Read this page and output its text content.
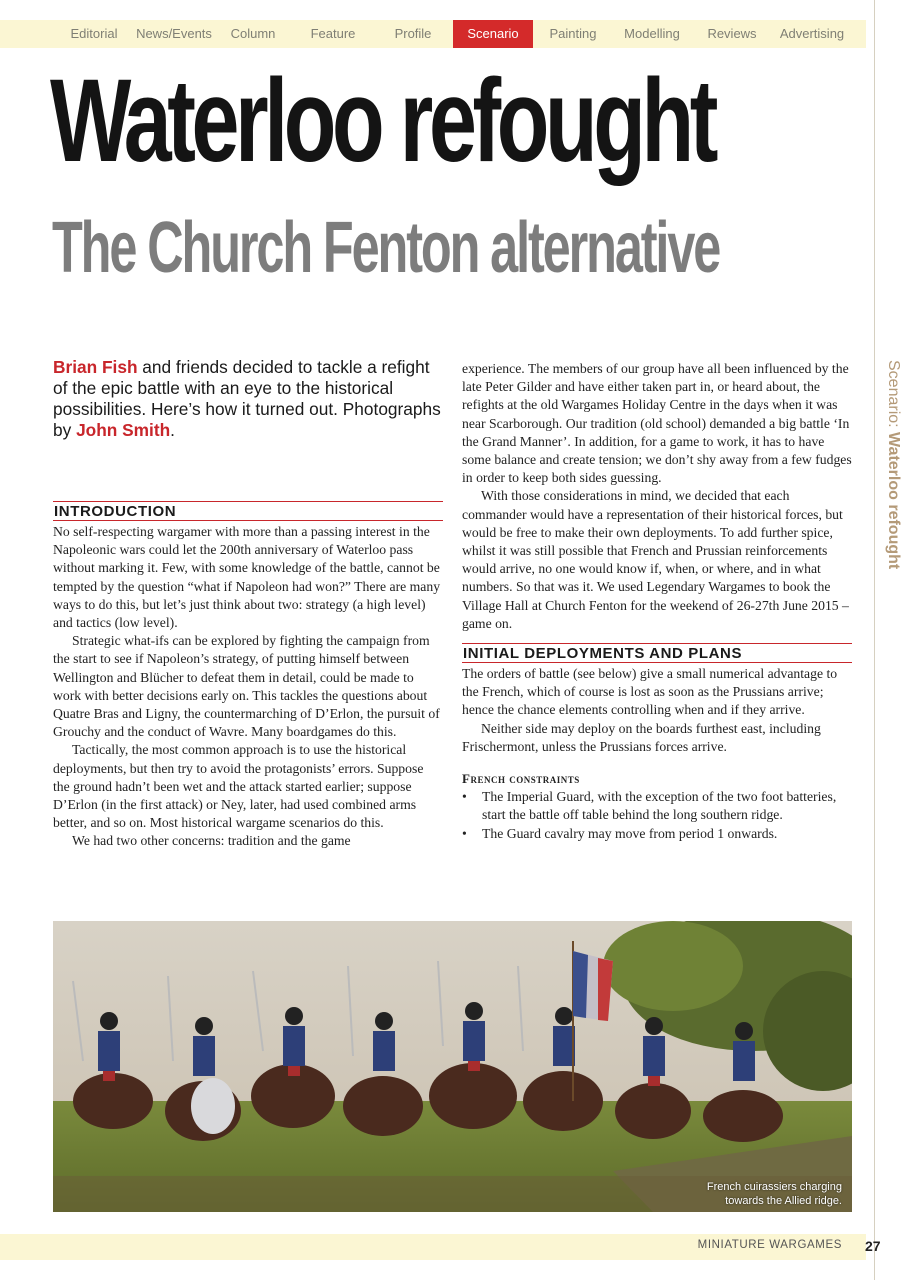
Editorial	News/Events	Column	Feature	Profile	Scenario	Painting	Modelling	Reviews	Advertising
Scenario: Waterloo refought
Waterloo refought
The Church Fenton alternative
Brian Fish and friends decided to tackle a refight of the epic battle with an eye to the historical possibilities. Here’s how it turned out. Photographs by John Smith.
INTRODUCTION

No self-respecting wargamer with more than a passing interest in the Napoleonic wars could let the 200th anniversary of Waterloo pass without marking it. Few, with some knowledge of the battle, cannot be tempted by the question “what if Napoleon had won?” There are many ways to do this, but let’s just think about two: strategy (a high level) and tactics (low level).

Strategic what-ifs can be explored by fighting the campaign from the start to see if Napoleon’s strategy, of putting himself between Wellington and Blücher to defeat them in detail, could be made to work with better decisions early on. This tackles the questions about Quatre Bras and Ligny, the countermarching of D’Erlon, the pursuit of Grouchy and the conduct of Wavre. Many boardgames do this.

Tactically, the most common approach is to use the historical deployments, but then try to avoid the protagonists’ errors. Suppose the ground hadn’t been wet and the attack started earlier; suppose D’Erlon (in the first attack) or Ney, later, had used combined arms better, and so on. Most historical wargame scenarios do this.

We had two other concerns: tradition and the game

experience. The members of our group have all been influenced by the late Peter Gilder and have either taken part in, or heard about, the refights at the old Wargames Holiday Centre in the days when it was near Scarborough. Our tradition (old school) demanded a big battle ‘In the Grand Manner’. In addition, for a game to work, it has to have some balance and create tension; we don’t shy away from a few fudges in order to keep both sides guessing.

With those considerations in mind, we decided that each commander would have a representation of their historical forces, but would be free to make their own deployments. To add further spice, whilst it was still possible that French and Prussian reinforcements would arrive, no one would know if, when, or where, and in what numbers. So that was it. We used Legendary Wargames to book the Village Hall at Church Fenton for the weekend of 26-27th June 2015 – game on.

INITIAL DEPLOYMENTS AND PLANS

The orders of battle (see below) give a small numerical advantage to the French, which of course is lost as soon as the Prussians arrive; hence the chance elements controlling when and if they arrive.

Neither side may deploy on the boards furthest east, including Frischermont, unless the Prussians forces arrive.

French constraints
• The Imperial Guard, with the exception of the two foot batteries, start the battle off table behind the long southern ridge.
• The Guard cavalry may move from period 1 onwards.
French cuirassiers charging towards the Allied ridge.
MINIATURE WARGAMES 27
